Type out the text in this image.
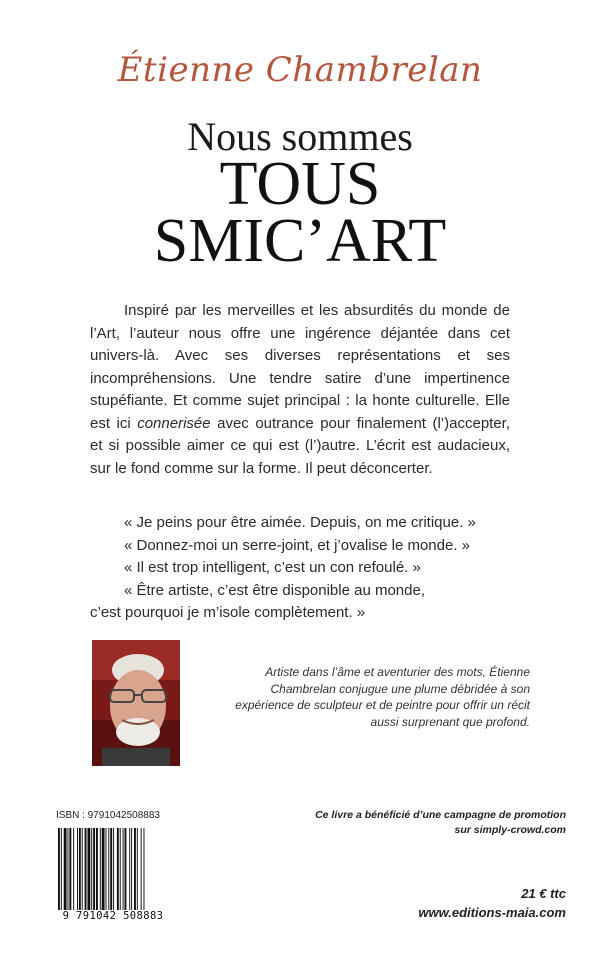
Étienne Chambrelan
Nous sommes
TOUS
SMIC’ART

Inspiré par les merveilles et les absurdités du monde de l’Art, l’auteur nous offre une ingérence déjantée dans cet univers-là. Avec ses diverses représentations et ses incompréhensions. Une tendre satire d’une impertinence stupéfiante. Et comme sujet principal : la honte culturelle. Elle est ici connerisée avec outrance pour finalement (l’)accepter, et si possible aimer ce qui est (l’)autre. L’écrit est audacieux, sur le fond comme sur la forme. Il peut déconcerter.

« Je peins pour être aimée. Depuis, on me critique. »
« Donnez-moi un serre-joint, et j’ovalise le monde. »
« Il est trop intelligent, c’est un con refoulé. »
« Être artiste, c’est être disponible au monde,
c’est pourquoi je m’isole complètement. »
Artiste dans l’âme et aventurier des mots, Étienne Chambrelan conjugue une plume débridée à son expérience de sculpteur et de peintre pour offrir un récit aussi surprenant que profond.
ISBN : 9791042508883
9 791042 508883
Ce livre a bénéficié d’une campagne de promotion
sur simply-crowd.com
21 € ttc
www.editions-maia.com
